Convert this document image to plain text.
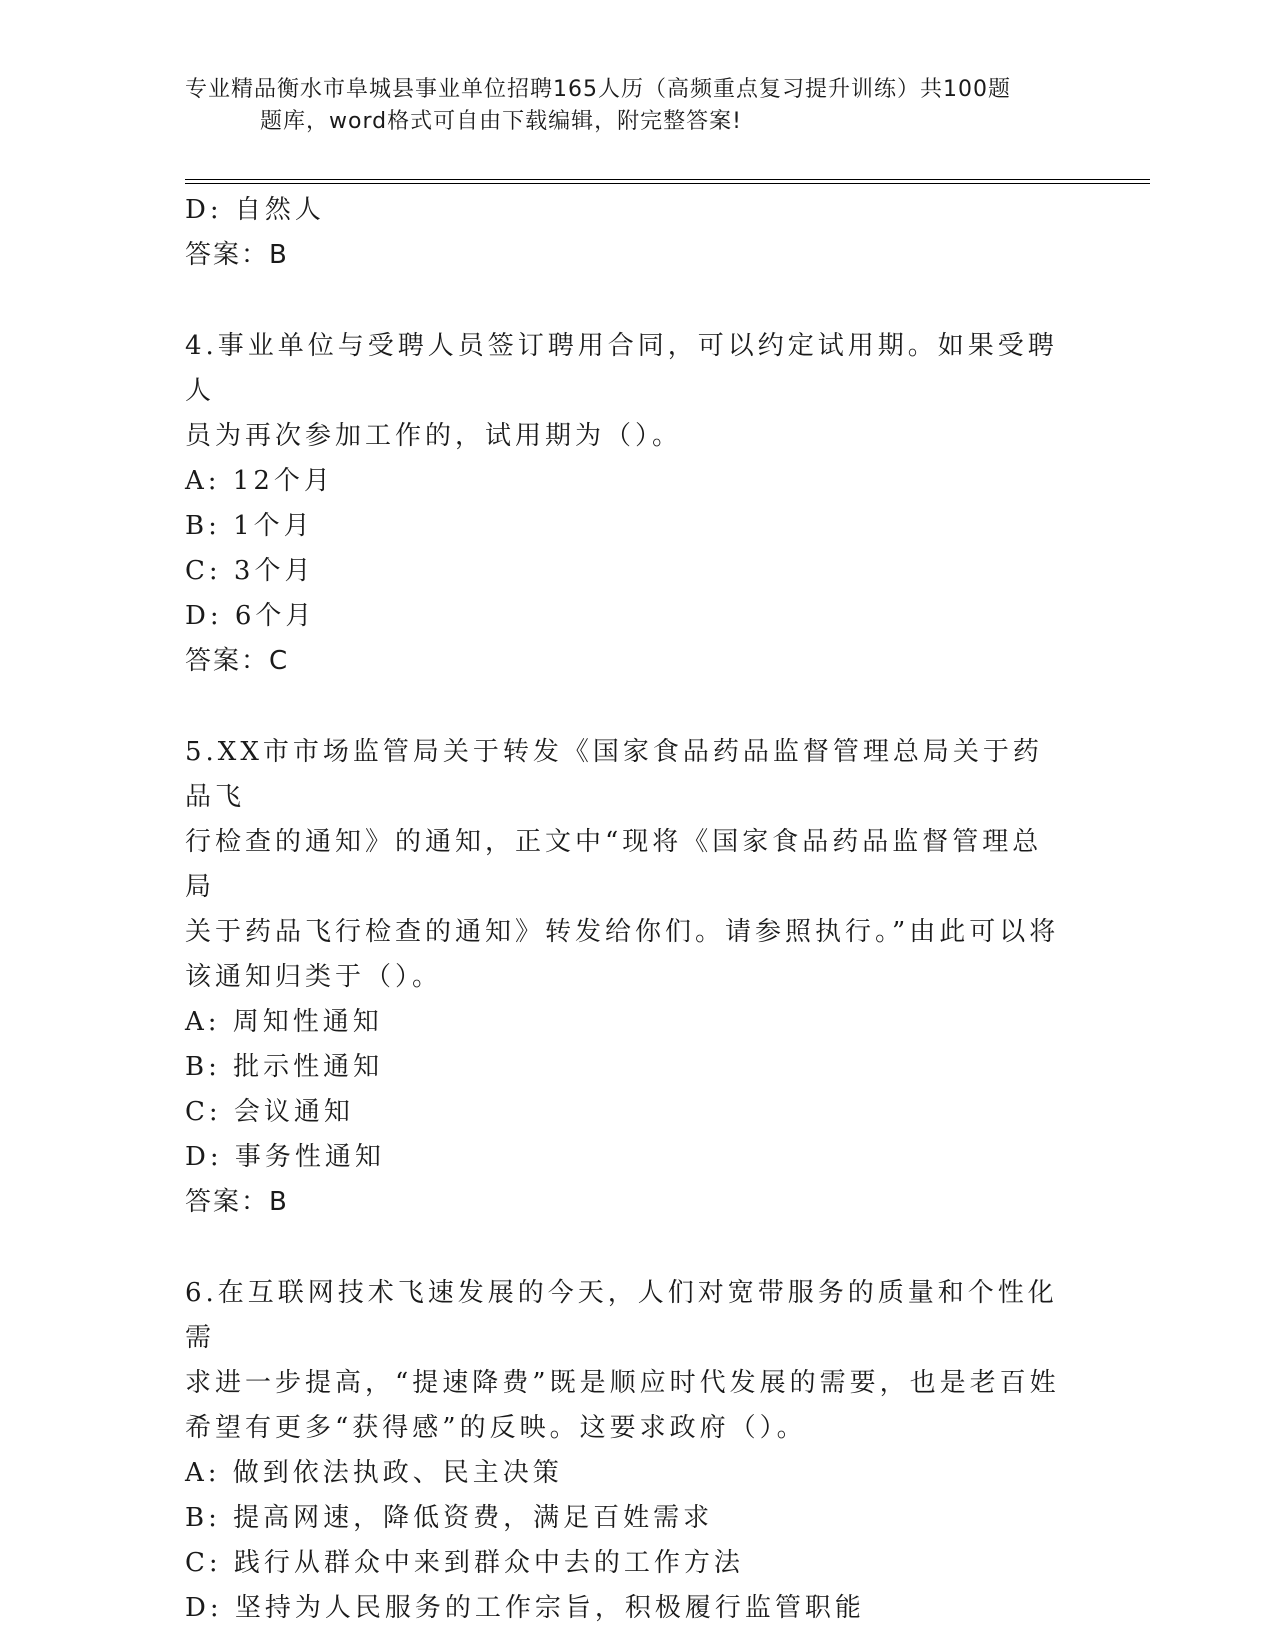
专业精品衡水市阜城县事业单位招聘165人历（高频重点复习提升训练）共100题
题库，word格式可自由下载编辑，附完整答案!
D: 自然人
答案：B
4.事业单位与受聘人员签订聘用合同，可以约定试用期。如果受聘人
员为再次参加工作的，试用期为（）。
A: 12个月
B: 1个月
C: 3个月
D: 6个月
答案：C
5.XX市市场监管局关于转发《国家食品药品监督管理总局关于药品飞
行检查的通知》的通知，正文中“现将《国家食品药品监督管理总局
关于药品飞行检查的通知》转发给你们。请参照执行。”由此可以将
该通知归类于（）。
A: 周知性通知
B: 批示性通知
C: 会议通知
D: 事务性通知
答案：B
6.在互联网技术飞速发展的今天，人们对宽带服务的质量和个性化需
求进一步提高，“提速降费”既是顺应时代发展的需要，也是老百姓
希望有更多“获得感”的反映。这要求政府（）。
A: 做到依法执政、民主决策
B: 提高网速，降低资费，满足百姓需求
C: 践行从群众中来到群众中去的工作方法
D: 坚持为人民服务的工作宗旨，积极履行监管职能
